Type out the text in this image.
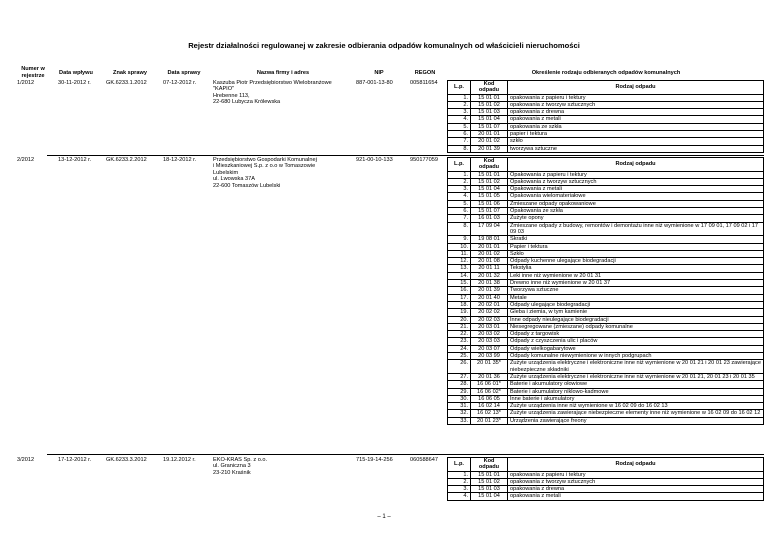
Rejestr działalności regulowanej w zakresie odbierania odpadów komunalnych od właścicieli nieruchomości
Numer w rejestrze	Data wpływu	Znak sprawy	Data sprawy	Nazwa firmy i adres	NIP	REGON	Określenie rodzaju odbieranych odpadów komunalnych
1/2012	30-11-2012 r.	GK.6233.1.2012	07-12-2012 r.	Kaszuba Piotr Przedsiębiorstwo Wielobranżowe
"KAPIO"
Hrebenne 113,
22-680 Lubycza Królewska
887-001-13-80	005811654
L.p.	Kod odpadu	Rodzaj odpadu
1.	15 01 01	opakowania z papieru i tektury
2.	15 01 02	opakowania z tworzyw sztucznych
3.	15 01 03	opakowania z drewna
4.	15 01 04	opakowania z metali
5.	15 01 07	opakowania ze szkła
6.	20 01 01	papier i tektura
7.	20 01 02	szkło
8.	20 01 39	tworzywa sztuczne
2/2012	13-12-2012 r.	GK.6233.2.2012	18-12-2012 r.	Przedsiębiorstwo Gospodarki Komunalnej
i Mieszkaniowej S.p. z o.o w Tomaszowie
Lubelskim
ul. Lwowska 37A
22-600 Tomaszów Lubelski
921-00-10-133	950177059
L.p.	Kod odpadu	Rodzaj odpadu
1.	15 01 01	Opakowania z papieru i tektury
2.	15 01 02	Opakowania z tworzyw sztucznych
3.	15 01 04	Opakowania z metali
4.	15 01 05	Opakowania wielomateriałowe
5.	15 01 06	Zmieszane odpady opakowaniowe
6.	15 01 07	Opakowania ze szkła
7.	16 01 03	Zużyte opony
8.	17 09 04	Zmieszane odpady z budowy, remontów i demontażu inne niż wymienione w 17 09 01, 17 09 02 i 17 09 03
9.	19 08 01	Skratki
10.	20 01 01	Papier i tektura
11.	20 01 02	Szkło
12.	20 01 08	Odpady kuchenne ulegające biodegradacji
13.	20 01 11	Tekstylia
14.	20 01 32	Leki inne niż wymienione w 20 01 31
15.	20 01 38	Drewno inne niż wymienione w 20 01 37
16.	20 01 39	Tworzywa sztuczne
17.	20 01 40	Metale
18.	20 02 01	Odpady ulegające biodegradacji
19.	20 02 02	Gleba i ziemia, w tym kamienie
20.	20 02 03	Inne odpady nieulegające biodegradacji
21.	20 03 01	Niesegregowane (zmieszane) odpady komunalne
22.	20 03 02	Odpady z targowisk
23.	20 03 03	Odpady z czyszczenia ulic i placów
24.	20 03 07	Odpady wielkogabarytowe
25.	20 03 99	Odpady komunalne niewymienione w innych podgrupach
26.	20 01 35*	Zużyte urządzenia elektryczne i elektroniczne inne niż wymienione w 20 01 21 i 20 01 23 zawierające niebezpieczne składniki
27.	20 01 36	Zużyte urządzenia elektryczne i elektroniczne inne niż wymienione w 20 01 21, 20 01 23 i 20 01 35
28.	16 06 01*	Baterie i akumulatory ołowiowe
29.	16 06 02*	Baterie i akumulatory niklowo-kadmowe
30.	16 06 05	Inne baterie i akumulatory
31.	16 02 14	Zużyte urządzenia inne niż wymienione w 16 02 09 do 16 02 13
32.	16 02 13*	Zużyte urządzenia zawierające niebezpieczne elementy inne niż wymienione w 16 02 09 do 16 02 12
33.	20 01 23*	Urządzenia zawierające freony
3/2012	17-12-2012 r.	GK.6233.3.2012	19.12.2012 r.	EKO-KRAS Sp. z o.o.
ul. Graniczna 3
23-210 Kraśnik
715-19-14-256	060588647
L.p.	Kod odpadu	Rodzaj odpadu
1.	15 01 01	opakowania z papieru i tektury
2.	15 01 02	opakowania z tworzyw sztucznych
3.	15 01 03	opakowania z drewna
4.	15 01 04	opakowania z metali
– 1 –
